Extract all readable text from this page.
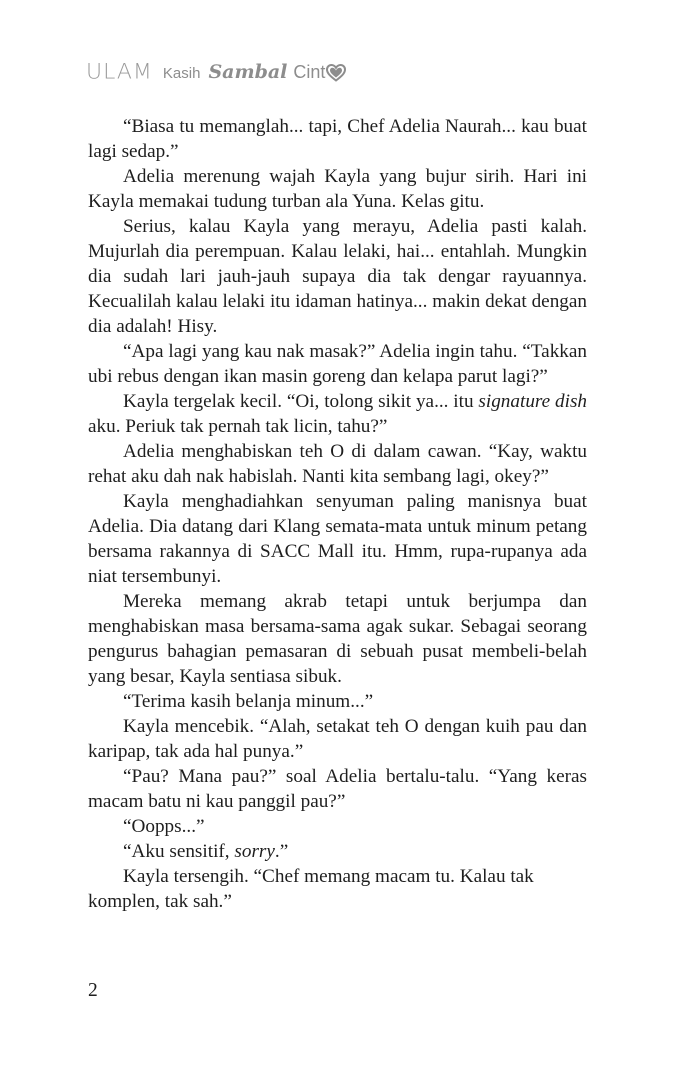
ULAM Kasih Sambal Cint

“Biasa tu memanglah... tapi, Chef Adelia Naurah... kau buat lagi sedap.”

Adelia merenung wajah Kayla yang bujur sirih. Hari ini Kayla memakai tudung turban ala Yuna. Kelas gitu.

Serius, kalau Kayla yang merayu, Adelia pasti kalah. Mujurlah dia perempuan. Kalau lelaki, hai... entahlah. Mungkin dia sudah lari jauh-jauh supaya dia tak dengar rayuannya. Kecualilah kalau lelaki itu idaman hatinya... makin dekat dengan dia adalah! Hisy.

“Apa lagi yang kau nak masak?” Adelia ingin tahu. “Takkan ubi rebus dengan ikan masin goreng dan kelapa parut lagi?”

Kayla tergelak kecil. “Oi, tolong sikit ya... itu signature dish aku. Periuk tak pernah tak licin, tahu?”

Adelia menghabiskan teh O di dalam cawan. “Kay, waktu rehat aku dah nak habislah. Nanti kita sembang lagi, okey?”

Kayla menghadiahkan senyuman paling manisnya buat Adelia. Dia datang dari Klang semata-mata untuk minum petang bersama rakannya di SACC Mall itu. Hmm, rupa-rupanya ada niat tersembunyi.

Mereka memang akrab tetapi untuk berjumpa dan menghabiskan masa bersama-sama agak sukar. Sebagai seorang pengurus bahagian pemasaran di sebuah pusat membeli-belah yang besar, Kayla sentiasa sibuk.

“Terima kasih belanja minum...”

Kayla mencebik. “Alah, setakat teh O dengan kuih pau dan karipap, tak ada hal punya.”

“Pau? Mana pau?” soal Adelia bertalu-talu. “Yang keras macam batu ni kau panggil pau?”

“Oopps...”

“Aku sensitif, sorry.”

Kayla tersengih. “Chef memang macam tu. Kalau tak komplen, tak sah.”

2
